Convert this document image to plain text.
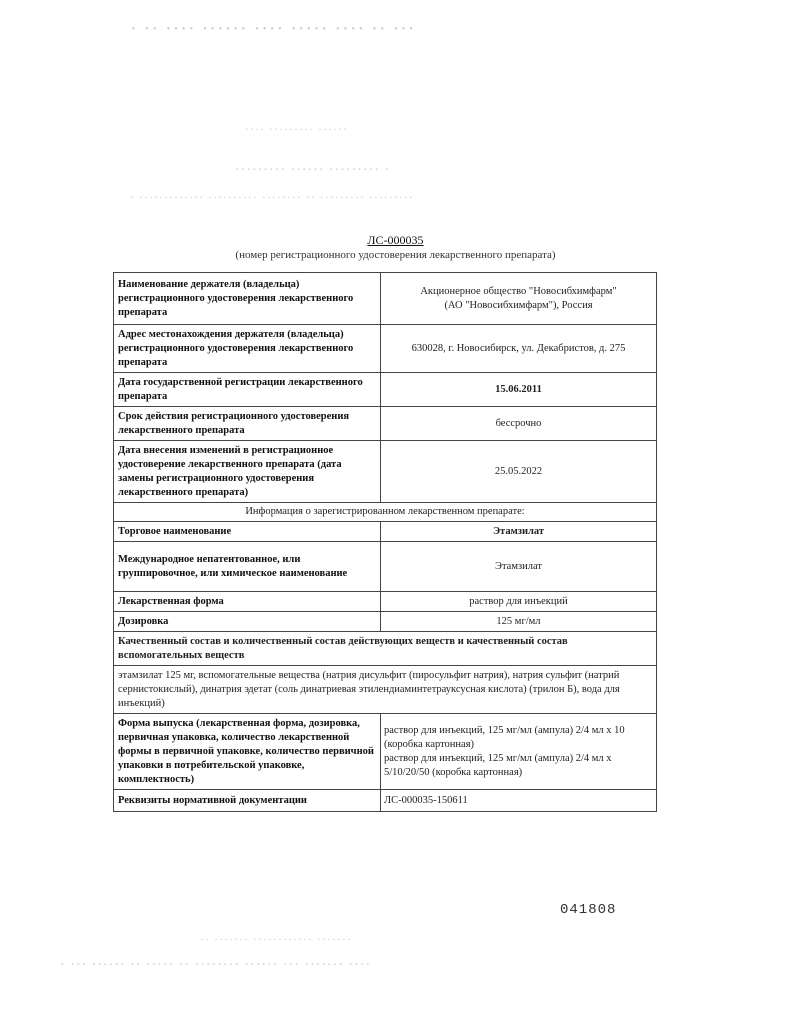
· ·· ···· ······ ···· ····· ···· ·· ···
···· ········· ······
········· ······ ········· ·
· ············· ·········· ········ ·· ········· ·········
·· ······· ············ ·······
· ··· ······ ·· ····· ·· ········ ······ ··· ······· ····
ЛС-000035
(номер регистрационного удостоверения лекарственного препарата)
Наименование держателя (владельца) регистрационного удостоверения лекарственного препарата	Акционерное общество "Новосибхимфарм"
(АО "Новосибхимфарм"), Россия

Адрес местонахождения держателя (владельца) регистрационного удостоверения лекарственного препарата	630028, г. Новосибирск, ул. Декабристов, д. 275
Дата государственной регистрации лекарственного препарата	15.06.2011
Срок действия регистрационного удостоверения лекарственного препарата	бессрочно
Дата внесения изменений в регистрационное удостоверение лекарственного препарата (дата замены регистрационного удостоверения лекарственного препарата)	25.05.2022
Информация о зарегистрированном лекарственном препарате:	
Торговое наименование	Этамзилат
Международное непатентованное, или группировочное, или химическое наименование	Этамзилат
Лекарственная форма	раствор для инъекций
Дозировка	125 мг/мл
Качественный состав и количественный состав действующих веществ и качественный состав вспомогательных веществ	
этамзилат 125 мг, вспомогательные вещества (натрия дисульфит (пиросульфит натрия), натрия сульфит (натрий сернистокислый), динатрия эдетат (соль динатриевая этилендиаминтетрауксусная кислота) (трилон Б), вода для инъекций)	
Форма выпуска (лекарственная форма, дозировка, первичная упаковка, количество лекарственной формы в первичной упаковке, количество первичной упаковки в потребительской упаковке, комплектность)	раствор для инъекций, 125 мг/мл (ампула) 2/4 мл х 10 (коробка картонная)
раствор для инъекций, 125 мг/мл (ампула) 2/4 мл х 5/10/20/50 (коробка картонная)

Реквизиты нормативной документации	ЛС-000035-150611
041808
